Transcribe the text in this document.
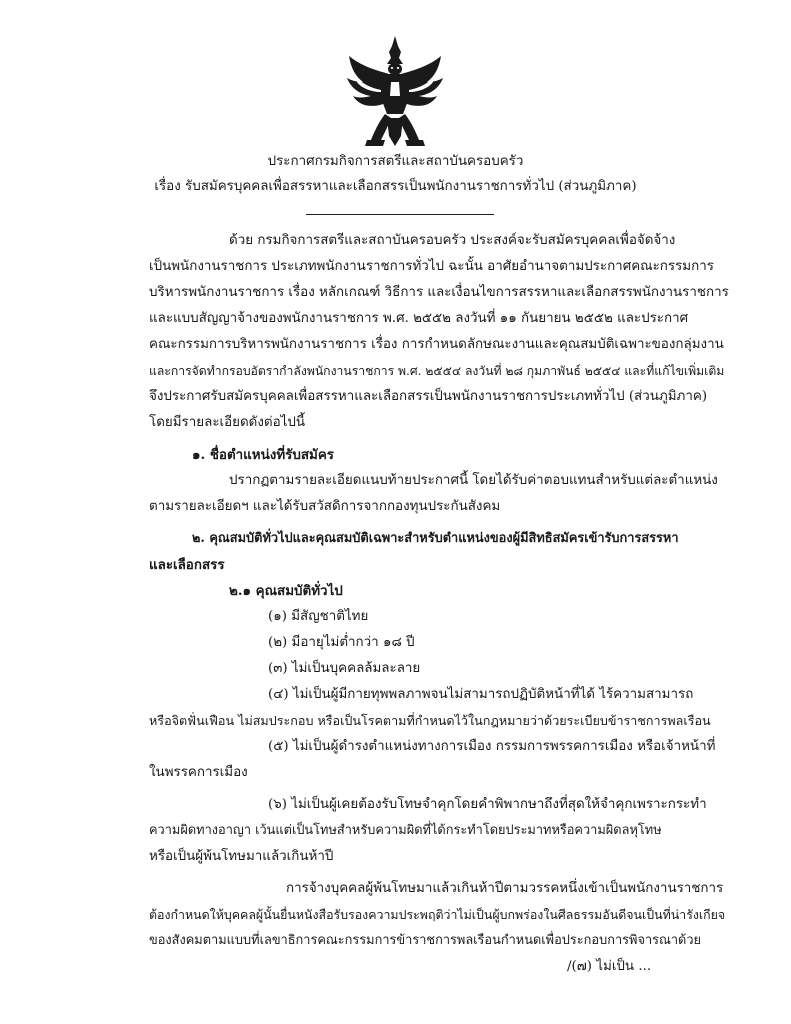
ประกาศกรมกิจการสตรีและสถาบันครอบครัว
เรื่อง รับสมัครบุคคลเพื่อสรรหาและเลือกสรรเป็นพนักงานราชการทั่วไป (ส่วนภูมิภาค)
ด้วย กรมกิจการสตรีและสถาบันครอบครัว ประสงค์จะรับสมัครบุคคลเพื่อจัดจ้าง
เป็นพนักงานราชการ ประเภทพนักงานราชการทั่วไป ฉะนั้น อาศัยอำนาจตามประกาศคณะกรรมการ
บริหารพนักงานราชการ เรื่อง หลักเกณฑ์ วิธีการ และเงื่อนไขการสรรหาและเลือกสรรพนักงานราชการ
และแบบสัญญาจ้างของพนักงานราชการ พ.ศ. ๒๕๕๒ ลงวันที่ ๑๑ กันยายน ๒๕๕๒ และประกาศ
คณะกรรมการบริหารพนักงานราชการ เรื่อง การกำหนดลักษณะงานและคุณสมบัติเฉพาะของกลุ่มงาน
และการจัดทำกรอบอัตรากำลังพนักงานราชการ พ.ศ. ๒๕๕๔ ลงวันที่ ๒๘ กุมภาพันธ์ ๒๕๕๔ และที่แก้ไขเพิ่มเติม
จึงประกาศรับสมัครบุคคลเพื่อสรรหาและเลือกสรรเป็นพนักงานราชการประเภททั่วไป (ส่วนภูมิภาค)
โดยมีรายละเอียดดังต่อไปนี้
๑. ชื่อตำแหน่งที่รับสมัคร
ปรากฏตามรายละเอียดแนบท้ายประกาศนี้ โดยได้รับค่าตอบแทนสำหรับแต่ละตำแหน่ง
ตามรายละเอียดฯ และได้รับสวัสดิการจากกองทุนประกันสังคม
๒. คุณสมบัติทั่วไปและคุณสมบัติเฉพาะสำหรับตำแหน่งของผู้มีสิทธิสมัครเข้ารับการสรรหา
และเลือกสรร
๒.๑ คุณสมบัติทั่วไป
(๑) มีสัญชาติไทย
(๒) มีอายุไม่ต่ำกว่า ๑๘ ปี
(๓) ไม่เป็นบุคคลล้มละลาย
(๔) ไม่เป็นผู้มีกายทุพพลภาพจนไม่สามารถปฏิบัติหน้าที่ได้ ไร้ความสามารถ
หรือจิตฟั่นเฟือน ไม่สมประกอบ หรือเป็นโรคตามที่กำหนดไว้ในกฎหมายว่าด้วยระเบียบข้าราชการพลเรือน
(๕) ไม่เป็นผู้ดำรงตำแหน่งทางการเมือง กรรมการพรรคการเมือง หรือเจ้าหน้าที่
ในพรรคการเมือง
(๖) ไม่เป็นผู้เคยต้องรับโทษจำคุกโดยคำพิพากษาถึงที่สุดให้จำคุกเพราะกระทำ
ความผิดทางอาญา เว้นแต่เป็นโทษสำหรับความผิดที่ได้กระทำโดยประมาทหรือความผิดลหุโทษ
หรือเป็นผู้พ้นโทษมาแล้วเกินห้าปี
การจ้างบุคคลผู้พ้นโทษมาแล้วเกินห้าปีตามวรรคหนึ่งเข้าเป็นพนักงานราชการ
ต้องกำหนดให้บุคคลผู้นั้นยื่นหนังสือรับรองความประพฤติว่าไม่เป็นผู้บกพร่องในศีลธรรมอันดีจนเป็นที่น่ารังเกียจ
ของสังคมตามแบบที่เลขาธิการคณะกรรมการข้าราชการพลเรือนกำหนดเพื่อประกอบการพิจารณาด้วย
/(๗) ไม่เป็น ...
